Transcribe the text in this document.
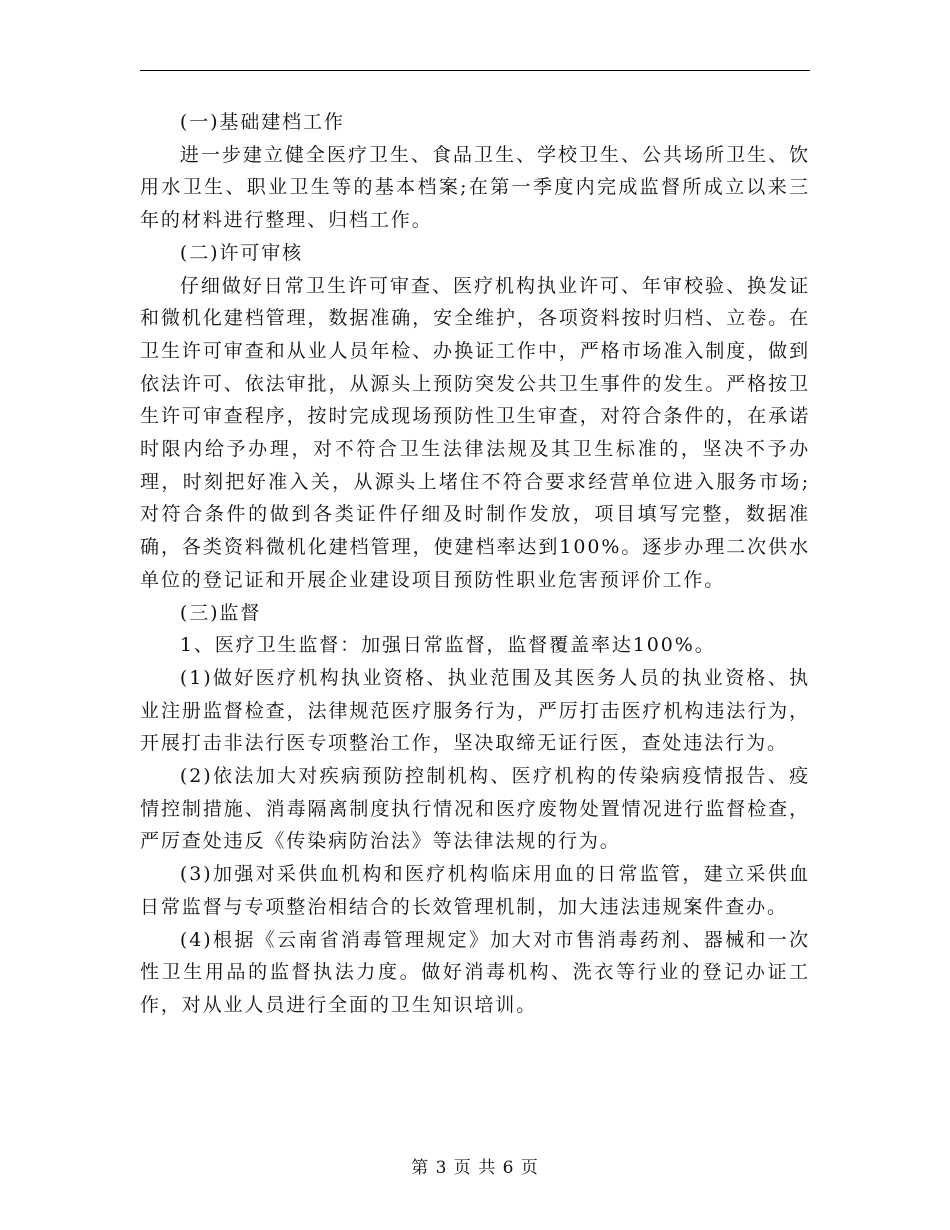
(一)基础建档工作

进一步建立健全医疗卫生、食品卫生、学校卫生、公共场所卫生、饮用水卫生、职业卫生等的基本档案;在第一季度内完成监督所成立以来三年的材料进行整理、归档工作。

(二)许可审核

仔细做好日常卫生许可审查、医疗机构执业许可、年审校验、换发证和微机化建档管理，数据准确，安全维护，各项资料按时归档、立卷。在卫生许可审查和从业人员年检、办换证工作中，严格市场准入制度，做到依法许可、依法审批，从源头上预防突发公共卫生事件的发生。严格按卫生许可审查程序，按时完成现场预防性卫生审查，对符合条件的，在承诺时限内给予办理，对不符合卫生法律法规及其卫生标准的，坚决不予办理，时刻把好准入关，从源头上堵住不符合要求经营单位进入服务市场;对符合条件的做到各类证件仔细及时制作发放，项目填写完整，数据准确，各类资料微机化建档管理，使建档率达到100%。逐步办理二次供水单位的登记证和开展企业建设项目预防性职业危害预评价工作。

(三)监督

1、医疗卫生监督：加强日常监督，监督覆盖率达100%。

(1)做好医疗机构执业资格、执业范围及其医务人员的执业资格、执业注册监督检查，法律规范医疗服务行为，严厉打击医疗机构违法行为，开展打击非法行医专项整治工作，坚决取缔无证行医，查处违法行为。

(2)依法加大对疾病预防控制机构、医疗机构的传染病疫情报告、疫情控制措施、消毒隔离制度执行情况和医疗废物处置情况进行监督检查，严厉查处违反《传染病防治法》等法律法规的行为。

(3)加强对采供血机构和医疗机构临床用血的日常监管，建立采供血日常监督与专项整治相结合的长效管理机制，加大违法违规案件查办。

(4)根据《云南省消毒管理规定》加大对市售消毒药剂、器械和一次性卫生用品的监督执法力度。做好消毒机构、洗衣等行业的登记办证工作，对从业人员进行全面的卫生知识培训。

第 3 页 共 6 页
